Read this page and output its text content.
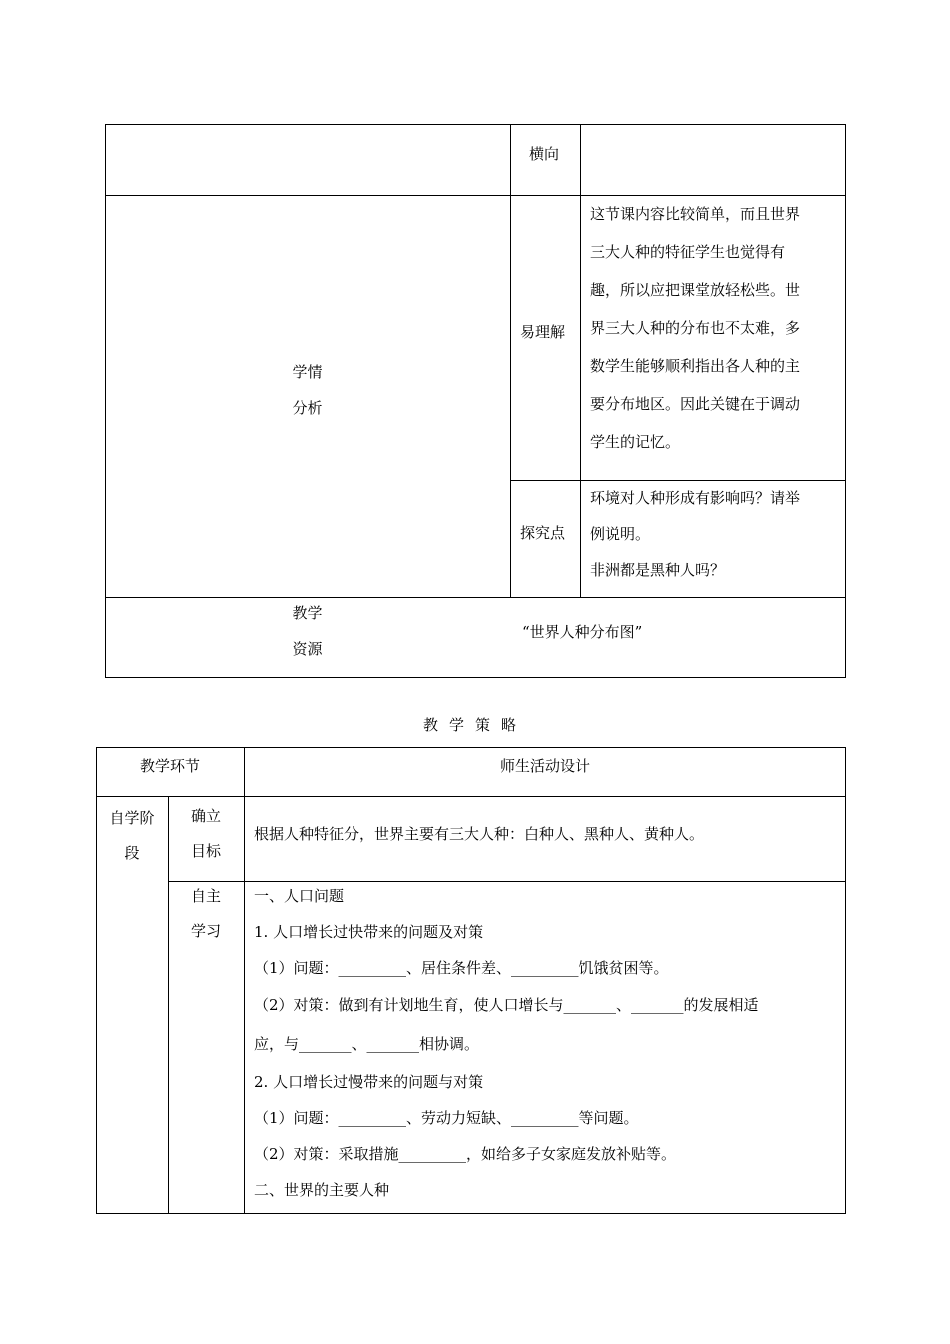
横向
学情
分析
易理解
这节课内容比较简单，而且世界
三大人种的特征学生也觉得有
趣，所以应把课堂放轻松些。世
界三大人种的分布也不太难，多
数学生能够顺利指出各人种的主
要分布地区。因此关键在于调动
学生的记忆。
探究点
环境对人种形成有影响吗？请举
例说明。
非洲都是黑种人吗？
教学
资源
“世界人种分布图”
教学策略
教学环节	师生活动设计
自学阶
段
确立
目标
根据人种特征分，世界主要有三大人种：白种人、黑种人、黄种人。
自主
学习
一、人口问题
1. 人口增长过快带来的问题及对策
（1）问题：_________、居住条件差、_________饥饿贫困等。
（2）对策：做到有计划地生育，使人口增长与_______、_______的发展相适
应，与_______、_______相协调。
2. 人口增长过慢带来的问题与对策
（1）问题：_________、劳动力短缺、_________等问题。
（2）对策：采取措施_________，如给多子女家庭发放补贴等。
二、世界的主要人种
